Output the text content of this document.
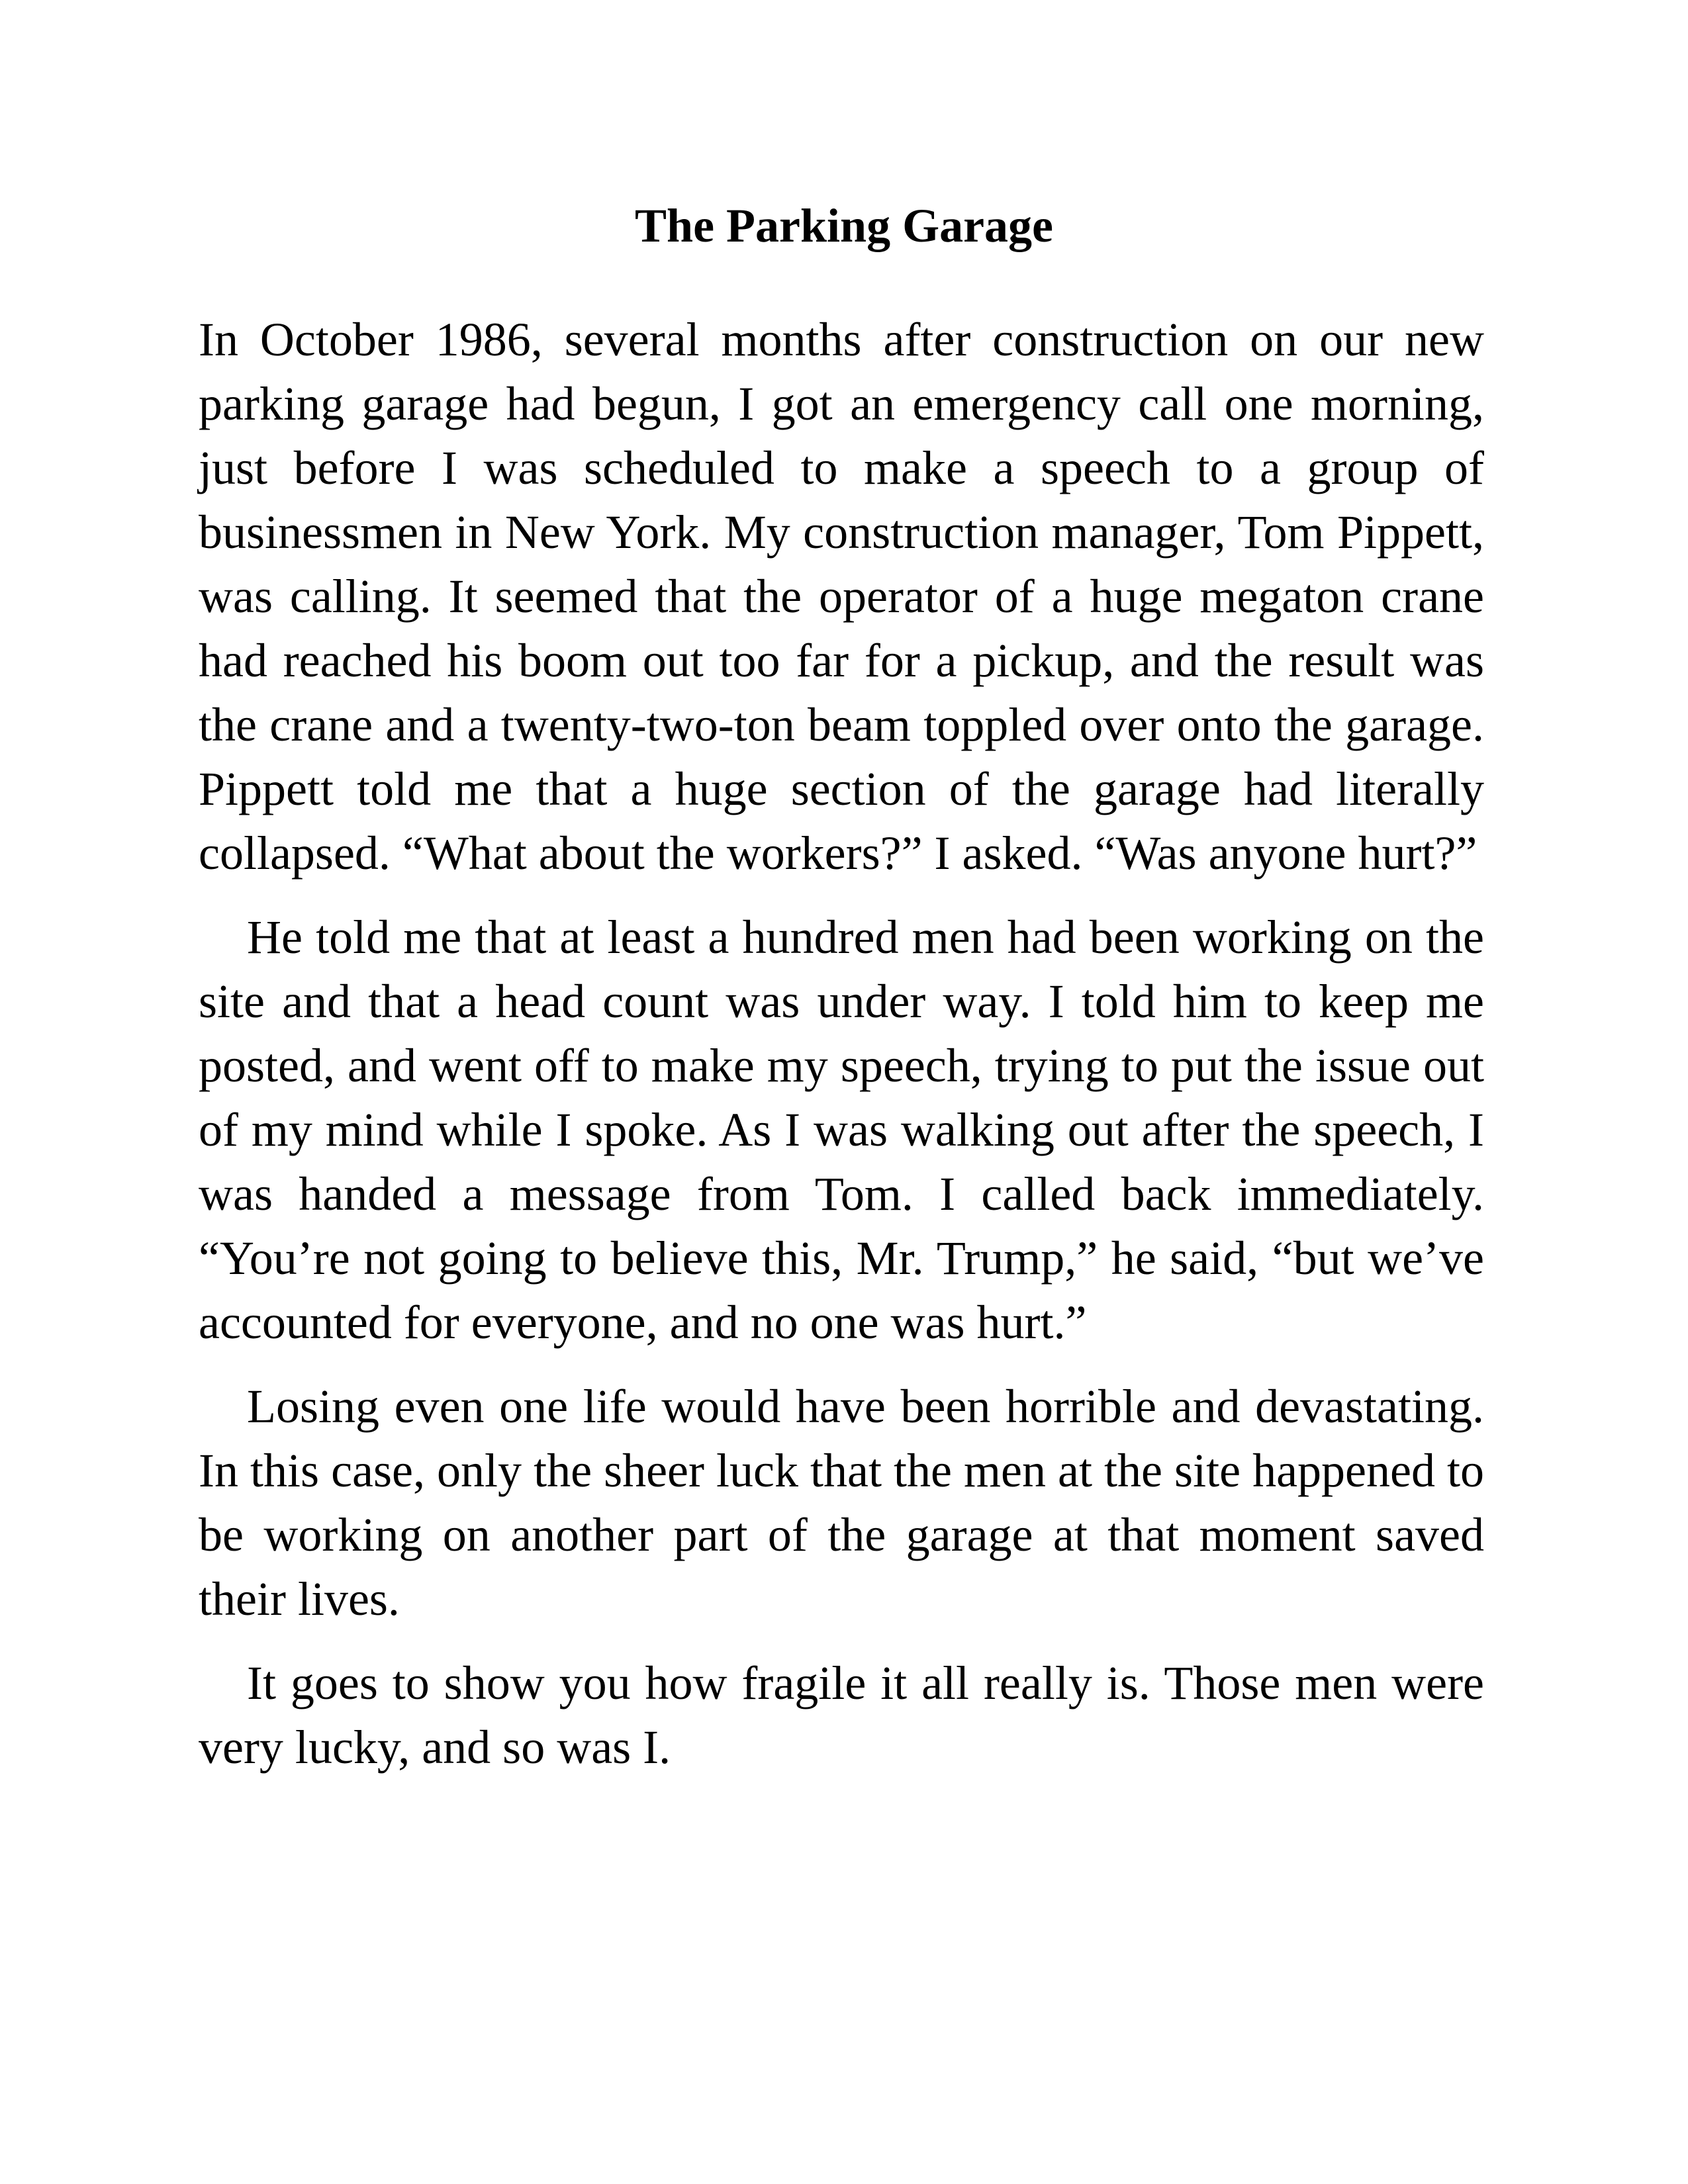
The Parking Garage

In October 1986, several months after construction on our new parking garage had begun, I got an emergency call one morning, just before I was scheduled to make a speech to a group of businessmen in New York. My construction manager, Tom Pippett, was calling. It seemed that the operator of a huge megaton crane had reached his boom out too far for a pickup, and the result was the crane and a twenty-two-ton beam toppled over onto the garage. Pippett told me that a huge section of the garage had literally collapsed. “What about the workers?” I asked. “Was anyone hurt?”

He told me that at least a hundred men had been working on the site and that a head count was under way. I told him to keep me posted, and went off to make my speech, trying to put the issue out of my mind while I spoke. As I was walking out after the speech, I was handed a message from Tom. I called back immediately. “You’re not going to believe this, Mr. Trump,” he said, “but we’ve accounted for everyone, and no one was hurt.”

Losing even one life would have been horrible and devastating. In this case, only the sheer luck that the men at the site happened to be working on another part of the garage at that moment saved their lives.

It goes to show you how fragile it all really is. Those men were very lucky, and so was I.
